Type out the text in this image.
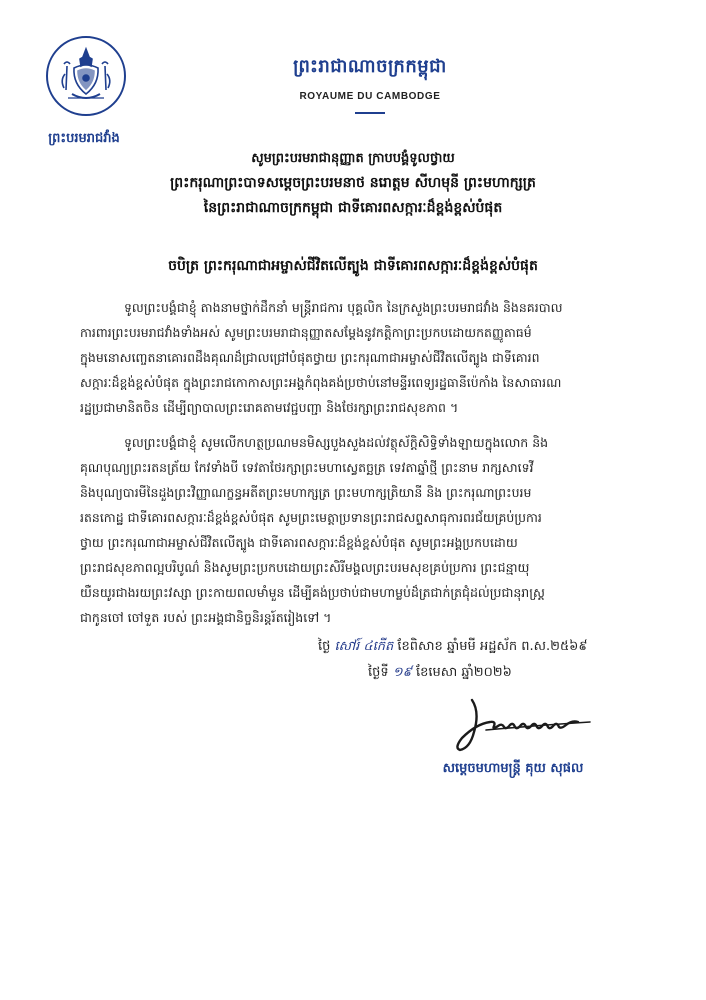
ព្រះបរមរាជវាំង
ព្រះរាជាណាចក្រកម្ពុជា
ROYAUME DU CAMBODGE
សូមព្រះបរមរាជានុញ្ញាត ក្រាបបង្គំទូលថ្វាយ
ព្រះករុណាព្រះបាទសម្តេចព្រះបរមនាថ នរោត្តម សីហមុនី ព្រះមហាក្សត្រ
នៃព្រះរាជាណាចក្រកម្ពុជា ជាទីគោរពសក្ការៈដ៏ខ្ពង់ខ្ពស់បំផុត
ចបិត្រ ព្រះករុណាជាអម្ចាស់ជីវិតលើត្បូង ជាទីគោរពសក្ការៈដ៏ខ្ពង់ខ្ពស់បំផុត
ទូលព្រះបង្គំជាខ្ញុំ តាងនាមថ្នាក់ដឹកនាំ មន្ត្រីរាជការ បុគ្គលិក នៃក្រសួងព្រះបរមរាជវាំង និងនគរបាល
ការពារព្រះបរមរាជវាំងទាំងអស់ សូមព្រះបរមរាជានុញ្ញាតសម្តែងនូវកត្តិកាព្រះប្រកបដោយកតញ្ញូតាធម៌
ក្នុងមនោសញ្ចេតនាគោរពដឹងគុណដ៏ជ្រាលជ្រៅបំផុតថ្វាយ ព្រះករុណាជាអម្ចាស់ជីវិតលើត្បូង ជាទីគោរព
សក្ការៈដ៏ខ្ពង់ខ្ពស់បំផុត ក្នុងព្រះរាជកោកាសព្រះអង្គកំពុងគង់ប្រថាប់នៅមន្ទីរពេទ្យរដ្ឋធានីប៉េកាំង នៃសាធារណ
រដ្ឋប្រជាមានិតចិន ដើម្បីព្យាបាលព្រះរោគតាមវេជ្ជបញ្ជា និងថែរក្សាព្រះរាជសុខភាព ។
ទូលព្រះបង្គំជាខ្ញុំ សូមលើកហត្ថប្រណមនមិស្សបួងសួងដល់វត្ថុស័ក្តិសិទ្ធិទាំងឡាយក្នុងលោក និង
គុណបុណ្យព្រះរតនត្រ័យ កែវទាំងបី ទេវតាថែរក្សាព្រះមហាស្វេតច្ឆត្រ ទេវតាឆ្នាំថ្មី ព្រះនាម រាក្សសាទេវី
និងបុណ្យបារមីនៃដួងព្រះវិញ្ញាណក្ខន្ធអតីតព្រះមហាក្សត្រ ព្រះមហាក្សត្រិយានី និង ព្រះករុណាព្រះបរម
រតនកោដ្ឋ ជាទីគោរពសក្ការៈដ៏ខ្ពង់ខ្ពស់បំផុត សូមព្រះមេត្តាប្រទានព្រះរាជសព្ទសាធុការពរជ័យគ្រប់ប្រការ
ថ្វាយ ព្រះករុណាជាអម្ចាស់ជីវិតលើត្បូង ជាទីគោរពសក្ការៈដ៏ខ្ពង់ខ្ពស់បំផុត សូមព្រះអង្គប្រកបដោយ
ព្រះរាជសុខភាពល្អបរិបូណ៌ និងសូមព្រះប្រកបដោយព្រះសិរីមង្គលព្រះបរមសុខគ្រប់ប្រការ ព្រះជន្មាយុ
យឺនយូរជាងរយព្រះវស្សា ព្រះកាយពលមាំមួន ដើម្បីគង់ប្រថាប់ជាមហាម្លប់ដ៏ត្រជាក់ត្រជុំដល់ប្រជានុរាស្ត្រ
ជាកូនចៅ ចៅទួត របស់ ព្រះអង្គជានិច្ចនិរន្តរ៍តរៀងទៅ ។
ថ្ងៃ សៅរ៍ ៤កើត ខែពិសាខ ឆ្នាំមមី អដ្ឋស័ក ព.ស.២៥៦៩
ថ្ងៃទី ១៩ ខែមេសា ឆ្នាំ២០២៦
សម្តេចមហាមន្ត្រី គុយ សុផល
